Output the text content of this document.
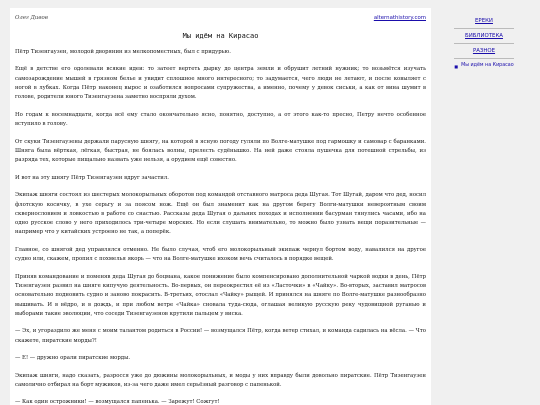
Олег Дивов	alternathistory.com
Мы идём на Кирасао

Пётр Тизенгаузен, молодой дворянин из мелкопоместных, был с придурью.

Ещё в детстве его одолевали всякие идеи: то затеет вертеть дырку до центра земли и обрушит летний нужник; то возьмётся изучать самозарождение мышей в грязном белье и увидит сплошное много интересного; то задумается, чего люди не летают, и после ковыляет с ногой в лубках. Когда Пётр наконец вырос и озаботился вопросами супружества, а именно, почему у девок сиськи, а как от вина шумит в голове, родители юного Тизенгаузена заметно воспряли духом.

Но годам к восемнадцати, когда всё ему стало окончательно ясно, понятно, доступно, а от этого как-то пресно, Петру нечто особенное вступило в голову.

От скуки Тизенгаузены держали парусную шнягу, на которой в ясную погоду гуляли по Волге-матушке под гармошку и самовар с баранками. Шняга была вёрткая, лёгкая, быстрая, не боялась волны, прелесть судёнышко. На ней даже стояла пушечка для потешной стрельбы, из разряда тех, которые пищально назвать уже нельзя, а орудием ещё совестно.

И вот на эту шнягу Пётр Тизенгаузен вдруг зачастил.

Экипаж шняги состоял из шестерых молокорыльных оборотов под командой отставного матроса деда Шугая. Тот Шугай, даром что дед, носил флотскую косичку, в ухе серьгу и за поясом нож. Ещё он был знаменит как на другом берегу Волги-матушки невероятным своим сквернословием и ловкостью в работе со снастью. Рассказы деда Шугая о дальних походах и исполнении басурман тянулись часами, ибо на одно русское слово у него приходилось три-четыре морских. Но если слушать внимательно, то можно было узнать вещи поразительные — например что у китайских устроено не так, а поперёк.

Главное, со шнягой дед управлялся отменно. Не было случая, чтоб его молокорыльный экипаж чернул бортом воду, навалился на другое судно или, скажем, пропил с похмелья якорь — что на Волге-матушке ихоком вечь считалось в порядке вещей.

Приняв командование и поменяв деда Шугая до боцмана, какое понижение было компенсировано дополнительной чаркой водки в день, Пётр Тизенгаузен развил на шняге кипучую деятельность. Во-первых, он переокрестил её из «Ласточки» в «Чайку». Во-вторых, заставил матросов основательно подновить судно и заново покрасить. В-третьих, отослал «Чайку» рыщей. И принялся на шняге по Волге-матушке разнообразно вышивать. И в вёдро, и в дождь, и при любом ветре «Чайка» сновала туда-сюда, оглашая великую русскую реку чудовищной руганью и выборами такие эволюции, что соседи Тизенгаузенов крутили пальцем у виска.

— Эх, и угораздило же меня с моим талантом родиться в России! — возмущался Пётр, когда ветер стихал, и команда садилась на вёсла. — Что скажете, пиратские морды?!

— Е! — дружно орали пиратские морды.

Экипаж шняги, надо сказать, разросся уже до дюжины молокорыльных, и моды у них вправду были довольно пиратские. Пётр Тизенгаузен самолично отбирал на борт мужиков, из-за чего даже имел серьёзный разговор с папенькой.

— Как один острожники! — возмущался папенька. — Зарежут! Сожгут!

ЕРЕКИ
БИБЛИОТЕКА
РАЗНОЕ
■ Мы идём на Кирасао
